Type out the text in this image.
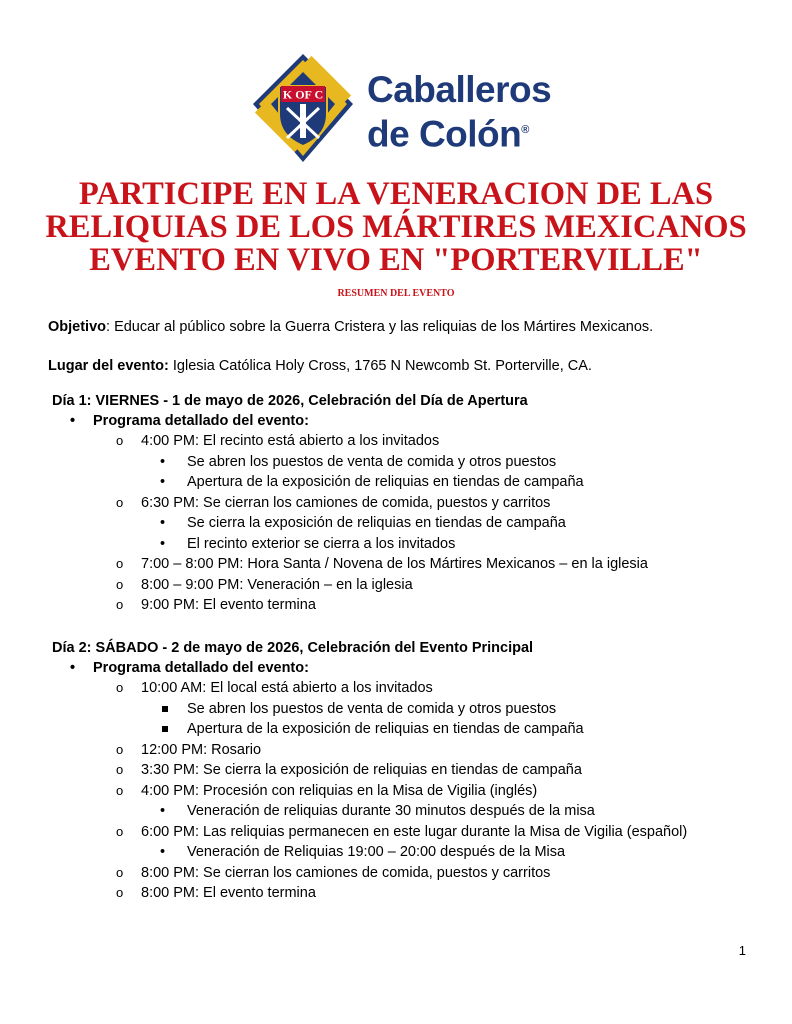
K OF C Caballeros
de Colón®
PARTICIPE EN LA VENERACION DE LAS
RELIQUIAS DE LOS MÁRTIRES MEXICANOS
EVENTO EN VIVO EN "PORTERVILLE"
RESUMEN DEL EVENTO
Objetivo: Educar al público sobre la Guerra Cristera y las reliquias de los Mártires Mexicanos.
Lugar del evento: Iglesia Católica Holy Cross, 1765 N Newcomb St. Porterville, CA.
Día 1: VIERNES - 1 de mayo de 2026, Celebración del Día de Apertura
• Programa detallado del evento:
o 4:00 PM: El recinto está abierto a los invitados
• Se abren los puestos de venta de comida y otros puestos
• Apertura de la exposición de reliquias en tiendas de campaña
o 6:30 PM: Se cierran los camiones de comida, puestos y carritos
• Se cierra la exposición de reliquias en tiendas de campaña
• El recinto exterior se cierra a los invitados
o 7:00 – 8:00 PM: Hora Santa / Novena de los Mártires Mexicanos – en la iglesia
o 8:00 – 9:00 PM: Veneración – en la iglesia
o 9:00 PM: El evento termina
Día 2: SÁBADO - 2 de mayo de 2026, Celebración del Evento Principal
• Programa detallado del evento:
o 10:00 AM: El local está abierto a los invitados
Se abren los puestos de venta de comida y otros puestos
Apertura de la exposición de reliquias en tiendas de campaña
o 12:00 PM: Rosario
o 3:30 PM: Se cierra la exposición de reliquias en tiendas de campaña
o 4:00 PM: Procesión con reliquias en la Misa de Vigilia (inglés)
• Veneración de reliquias durante 30 minutos después de la misa
o 6:00 PM: Las reliquias permanecen en este lugar durante la Misa de Vigilia (español)
• Veneración de Reliquias 19:00 – 20:00 después de la Misa
o 8:00 PM: Se cierran los camiones de comida, puestos y carritos
o 8:00 PM: El evento termina
1
